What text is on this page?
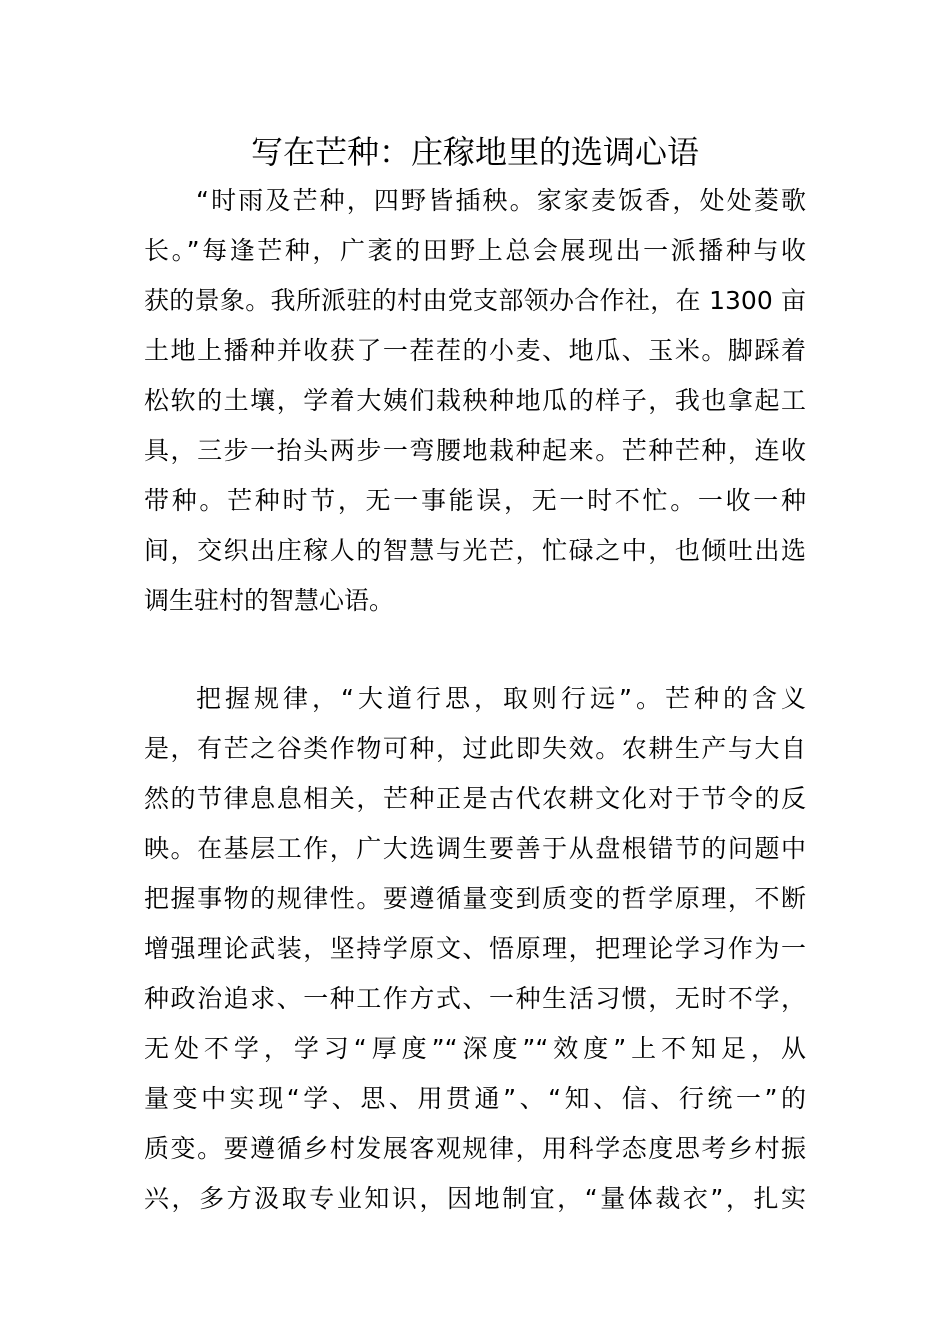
写在芒种：庄稼地里的选调心语
“时雨及芒种，四野皆插秧。家家麦饭香，处处菱歌
长。”每逢芒种，广袤的田野上总会展现出一派播种与收
获的景象。我所派驻的村由党支部领办合作社，在 1300 亩
土地上播种并收获了一茬茬的小麦、地瓜、玉米。脚踩着
松软的土壤，学着大姨们栽秧种地瓜的样子，我也拿起工
具，三步一抬头两步一弯腰地栽种起来。芒种芒种，连收
带种。芒种时节，无一事能误，无一时不忙。一收一种
间，交织出庄稼人的智慧与光芒，忙碌之中，也倾吐出选
调生驻村的智慧心语。
把握规律，“大道行思，取则行远”。芒种的含义
是，有芒之谷类作物可种，过此即失效。农耕生产与大自
然的节律息息相关，芒种正是古代农耕文化对于节令的反
映。在基层工作，广大选调生要善于从盘根错节的问题中
把握事物的规律性。要遵循量变到质变的哲学原理，不断
增强理论武装，坚持学原文、悟原理，把理论学习作为一
种政治追求、一种工作方式、一种生活习惯，无时不学，
无处不学，学习“厚度”“深度”“效度”上不知足，从
量变中实现“学、思、用贯通”、“知、信、行统一”的
质变。要遵循乡村发展客观规律，用科学态度思考乡村振
兴，多方汲取专业知识，因地制宜，“量体裁衣”，扎实
